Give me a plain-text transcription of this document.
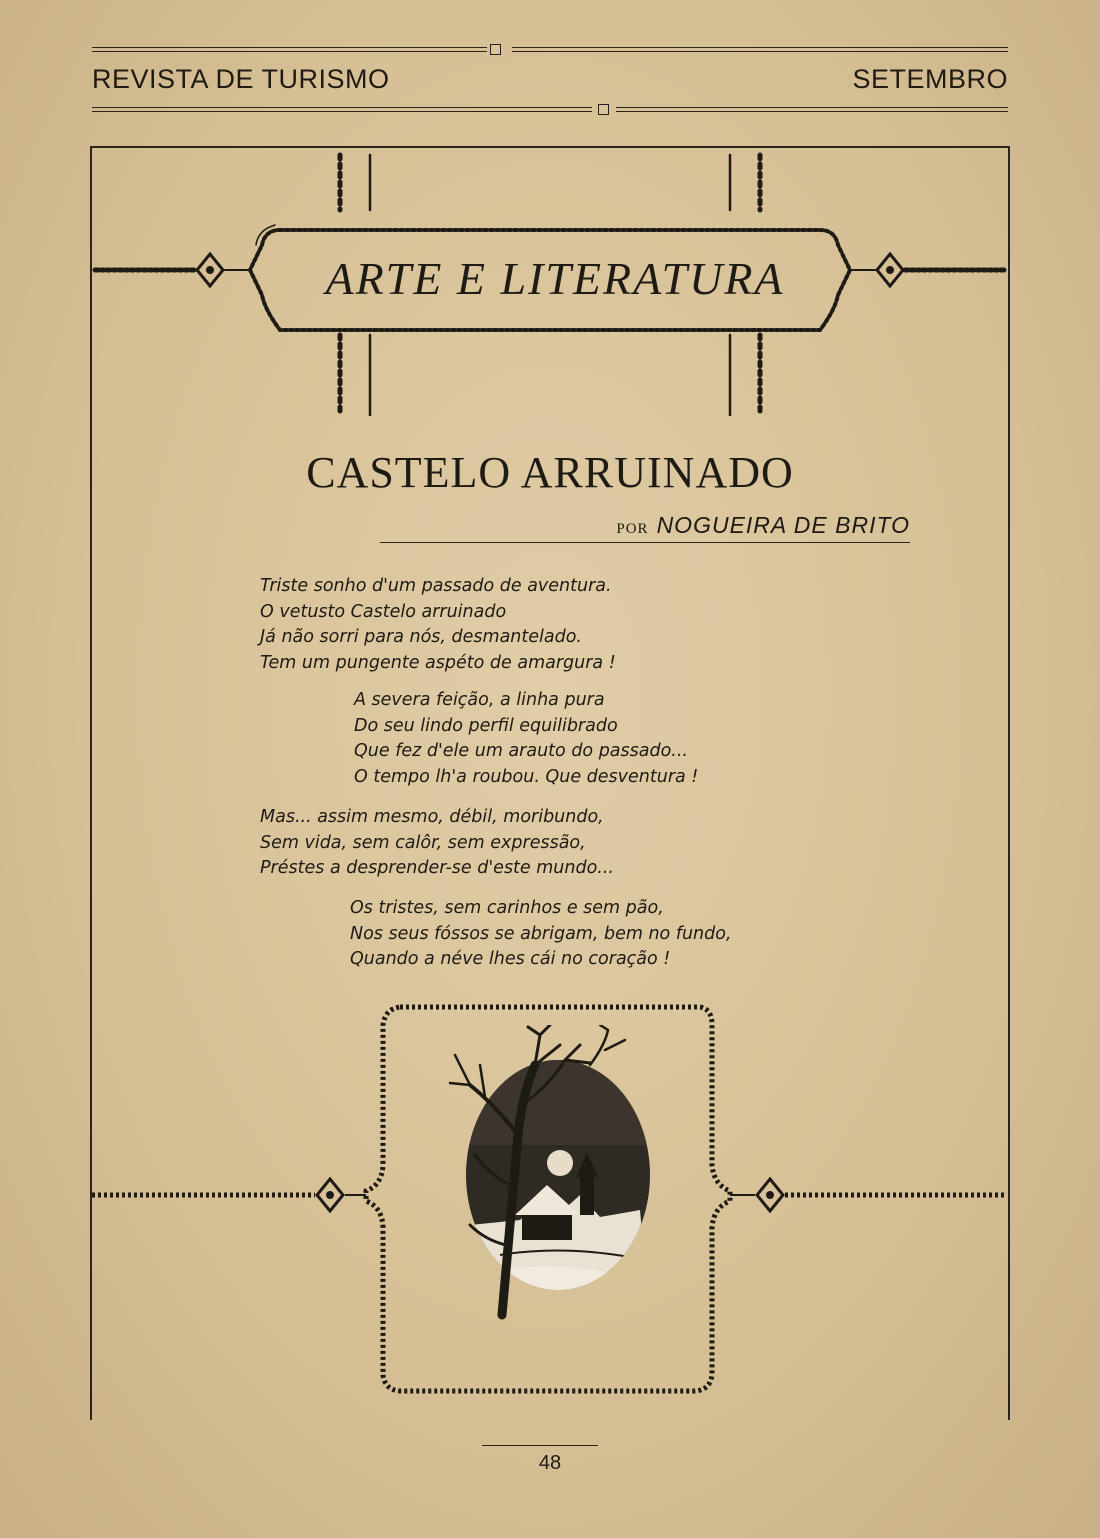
REVISTA DE TURISMO	SETEMBRO
ARTE E LITERATURA
CASTELO ARRUINADO
POR NOGUEIRA DE BRITO
Triste sonho d'um passado de aventura.
O vetusto Castelo arruinado
Já não sorri para nós, desmantelado.
Tem um pungente aspéto de amargura !
A severa feição, a linha pura
Do seu lindo perfil equilibrado
Que fez d'ele um arauto do passado...
O tempo lh'a roubou. Que desventura !
Mas... assim mesmo, débil, moribundo,
Sem vida, sem calôr, sem expressão,
Préstes a desprender-se d'este mundo...
Os tristes, sem carinhos e sem pão,
Nos seus fóssos se abrigam, bem no fundo,
Quando a néve lhes cái no coração !
48
